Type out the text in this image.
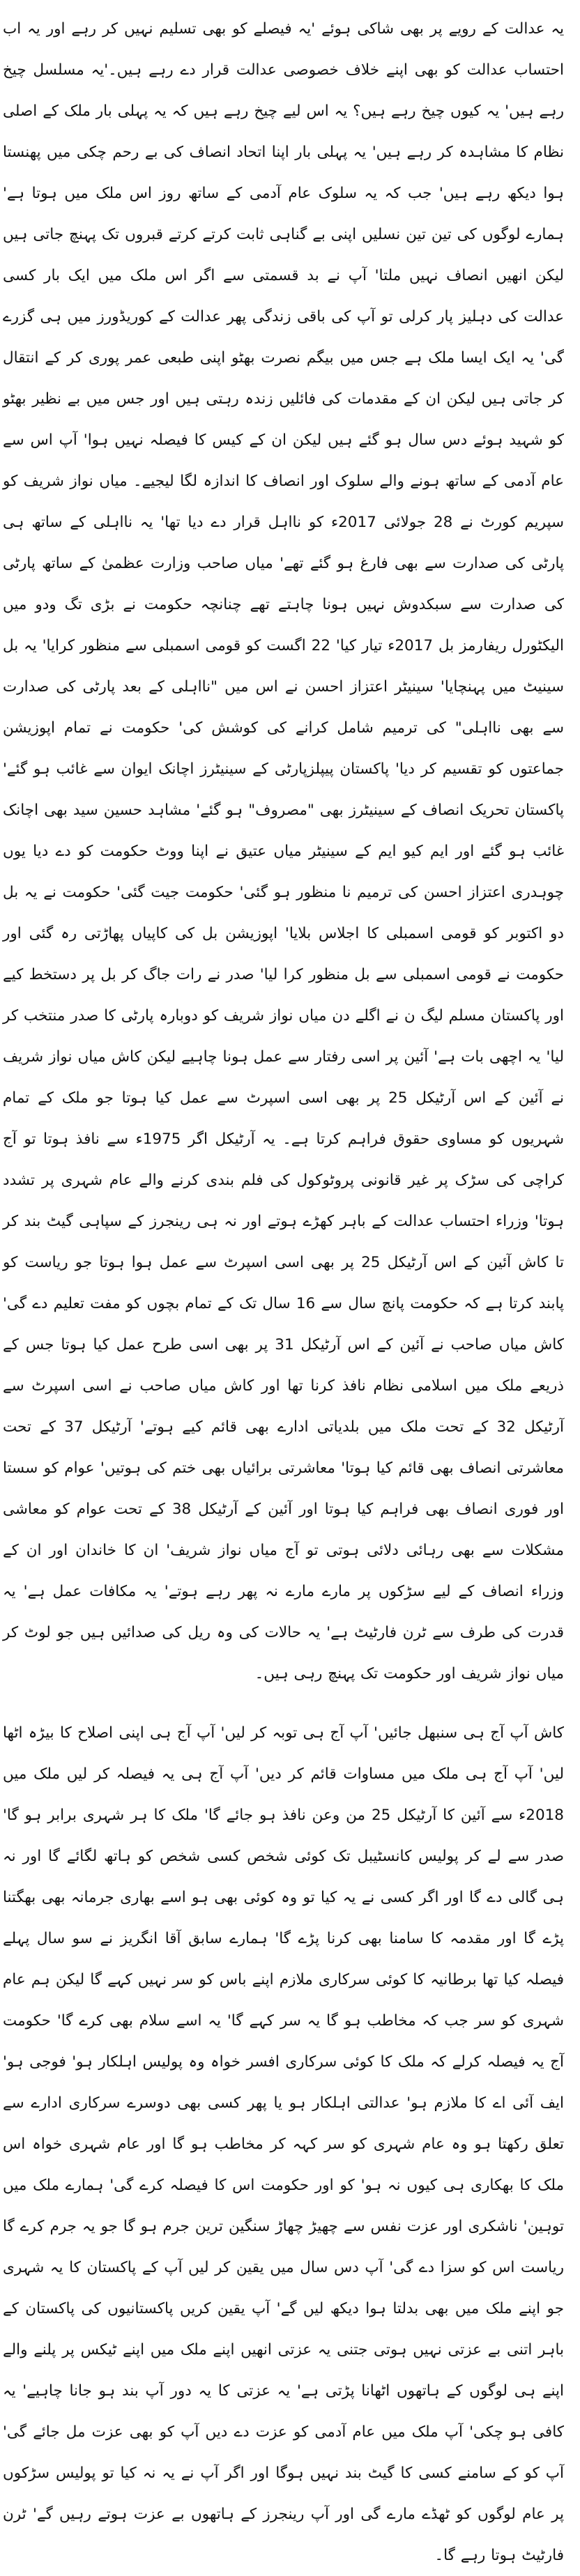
یہ عدالت کے رویے پر بھی شاکی ہوئے 'یہ فیصلے کو بھی تسلیم نہیں کر رہے اور یہ اب احتساب عدالت کو بھی اپنے خلاف خصوصی عدالت قرار دے رہے ہیں۔'یہ مسلسل چیخ رہے ہیں' یہ کیوں چیخ رہے ہیں؟ یہ اس لیے چیخ رہے ہیں کہ یہ پہلی بار ملک کے اصلی نظام کا مشاہدہ کر رہے ہیں' یہ پہلی بار اپنا اتحاد انصاف کی بے رحم چکی میں پھنستا ہوا دیکھ رہے ہیں' جب کہ یہ سلوک عام آدمی کے ساتھ روز اس ملک میں ہوتا ہے' ہمارے لوگوں کی تین تین نسلیں اپنی بے گناہی ثابت کرتے کرتے قبروں تک پہنچ جاتی ہیں لیکن انھیں انصاف نہیں ملتا' آپ نے بد قسمتی سے اگر اس ملک میں ایک بار کسی عدالت کی دہلیز پار کرلی تو آپ کی باقی زندگی پھر عدالت کے کوریڈورز میں ہی گزرے گی' یہ ایک ایسا ملک ہے جس میں بیگم نصرت بھٹو اپنی طبعی عمر پوری کر کے انتقال کر جاتی ہیں لیکن ان کے مقدمات کی فائلیں زندہ رہتی ہیں اور جس میں بے نظیر بھٹو کو شہید ہوئے دس سال ہو گئے ہیں لیکن ان کے کیس کا فیصلہ نہیں ہوا' آپ اس سے عام آدمی کے ساتھ ہونے والے سلوک اور انصاف کا اندازہ لگا لیجیے۔ میاں نواز شریف کو سپریم کورٹ نے 28 جولائی 2017ء کو نااہل قرار دے دیا تھا' یہ نااہلی کے ساتھ ہی پارٹی کی صدارت سے بھی فارغ ہو گئے تھے' میاں صاحب وزارت عظمیٰ کے ساتھ پارٹی کی صدارت سے سبکدوش نہیں ہونا چاہتے تھے چنانچہ حکومت نے بڑی تگ ودو میں الیکٹورل ریفارمز بل 2017ء تیار کیا' 22 اگست کو قومی اسمبلی سے منظور کرایا' یہ بل سینیٹ میں پہنچایا' سینیٹر اعتزاز احسن نے اس میں "نااہلی کے بعد پارٹی کی صدارت سے بھی نااہلی" کی ترمیم شامل کرانے کی کوشش کی' حکومت نے تمام اپوزیشن جماعتوں کو تقسیم کر دیا' پاکستان پیپلزپارٹی کے سینیٹرز اچانک ایوان سے غائب ہو گئے' پاکستان تحریک انصاف کے سینیٹرز بھی "مصروف" ہو گئے' مشاہد حسین سید بھی اچانک غائب ہو گئے اور ایم کیو ایم کے سینیٹر میاں عتیق نے اپنا ووٹ حکومت کو دے دیا یوں چوہدری اعتزاز احسن کی ترمیم نا منظور ہو گئی' حکومت جیت گئی' حکومت نے یہ بل دو اکتوبر کو قومی اسمبلی کا اجلاس بلایا' اپوزیشن بل کی کاپیاں پھاڑتی رہ گئی اور حکومت نے قومی اسمبلی سے بل منظور کرا لیا' صدر نے رات جاگ کر بل پر دستخط کیے اور پاکستان مسلم لیگ ن نے اگلے دن میاں نواز شریف کو دوبارہ پارٹی کا صدر منتخب کر لیا' یہ اچھی بات ہے' آئین پر اسی رفتار سے عمل ہونا چاہیے لیکن کاش میاں نواز شریف نے آئین کے اس آرٹیکل 25 پر بھی اسی اسپرٹ سے عمل کیا ہوتا جو ملک کے تمام شہریوں کو مساوی حقوق فراہم کرتا ہے۔ یہ آرٹیکل اگر 1975ء سے نافذ ہوتا تو آج کراچی کی سڑک پر غیر قانونی پروٹوکول کی فلم بندی کرنے والے عام شہری پر تشدد ہوتا' وزراء احتساب عدالت کے باہر کھڑے ہوتے اور نہ ہی رینجرز کے سپاہی گیٹ بند کر تا کاش آئین کے اس آرٹیکل 25 پر بھی اسی اسپرٹ سے عمل ہوا ہوتا جو ریاست کو پابند کرتا ہے کہ حکومت پانچ سال سے 16 سال تک کے تمام بچوں کو مفت تعلیم دے گی' کاش میاں صاحب نے آئین کے اس آرٹیکل 31 پر بھی اسی طرح عمل کیا ہوتا جس کے ذریعے ملک میں اسلامی نظام نافذ کرنا تھا اور کاش میاں صاحب نے اسی اسپرٹ سے آرٹیکل 32 کے تحت ملک میں بلدیاتی ادارے بھی قائم کیے ہوتے' آرٹیکل 37 کے تحت معاشرتی انصاف بھی قائم کیا ہوتا' معاشرتی برائیاں بھی ختم کی ہوتیں' عوام کو سستا اور فوری انصاف بھی فراہم کیا ہوتا اور آئین کے آرٹیکل 38 کے تحت عوام کو معاشی مشکلات سے بھی رہائی دلائی ہوتی تو آج میاں نواز شریف' ان کا خاندان اور ان کے وزراء انصاف کے لیے سڑکوں پر مارے مارے نہ پھر رہے ہوتے' یہ مکافات عمل ہے' یہ قدرت کی طرف سے ٹرن فارٹیٹ ہے' یہ حالات کی وہ ریل کی صدائیں ہیں جو لوٹ کر میاں نواز شریف اور حکومت تک پہنچ رہی ہیں۔

کاش آپ آج ہی سنبھل جائیں' آپ آج ہی توبہ کر لیں' آپ آج ہی اپنی اصلاح کا بیڑہ اٹھا لیں' آپ آج ہی ملک میں مساوات قائم کر دیں' آپ آج ہی یہ فیصلہ کر لیں ملک میں 2018ء سے آئین کا آرٹیکل 25 من وعن نافذ ہو جائے گا' ملک کا ہر شہری برابر ہو گا' صدر سے لے کر پولیس کانسٹیبل تک کوئی شخص کسی شخص کو ہاتھ لگائے گا اور نہ ہی گالی دے گا اور اگر کسی نے یہ کیا تو وہ کوئی بھی ہو اسے بھاری جرمانہ بھی بھگتنا پڑے گا اور مقدمہ کا سامنا بھی کرنا پڑے گا' ہمارے سابق آقا انگریز نے سو سال پہلے فیصلہ کیا تھا برطانیہ کا کوئی سرکاری ملازم اپنے باس کو سر نہیں کہے گا لیکن ہم عام شہری کو سر جب کہ مخاطب ہو گا یہ سر کہے گا' یہ اسے سلام بھی کرے گا' حکومت آج یہ فیصلہ کرلے کہ ملک کا کوئی سرکاری افسر خواہ وہ پولیس اہلکار ہو' فوجی ہو' ایف آئی اے کا ملازم ہو' عدالتی اہلکار ہو یا پھر کسی بھی دوسرے سرکاری ادارے سے تعلق رکھتا ہو وہ عام شہری کو سر کہہ کر مخاطب ہو گا اور عام شہری خواہ اس ملک کا بھکاری ہی کیوں نہ ہو' کو اور حکومت اس کا فیصلہ کرے گی' ہمارے ملک میں توہین' ناشکری اور عزت نفس سے چھیڑ چھاڑ سنگین ترین جرم ہو گا جو یہ جرم کرے گا ریاست اس کو سزا دے گی' آپ دس سال میں یقین کر لیں آپ کے پاکستان کا یہ شہری جو اپنے ملک میں بھی بدلتا ہوا دیکھ لیں گے' آپ یقین کریں پاکستانیوں کی پاکستان کے باہر اتنی بے عزتی نہیں ہوتی جتنی یہ عزتی انھیں اپنے ملک میں اپنے ٹیکس پر پلنے والے اپنے ہی لوگوں کے ہاتھوں اٹھانا پڑتی ہے' یہ عزتی کا یہ دور آپ بند ہو جانا چاہیے' یہ کافی ہو چکی' آپ ملک میں عام آدمی کو عزت دے دیں آپ کو بھی عزت مل جائے گی' آپ کو کے سامنے کسی کا گیٹ بند نہیں ہوگا اور اگر آپ نے یہ نہ کیا تو پولیس سڑکوں پر عام لوگوں کو ٹھڈے مارے گی اور آپ رینجرز کے ہاتھوں بے عزت ہوتے رہیں گے' ٹرن فارٹیٹ ہوتا رہے گا۔
